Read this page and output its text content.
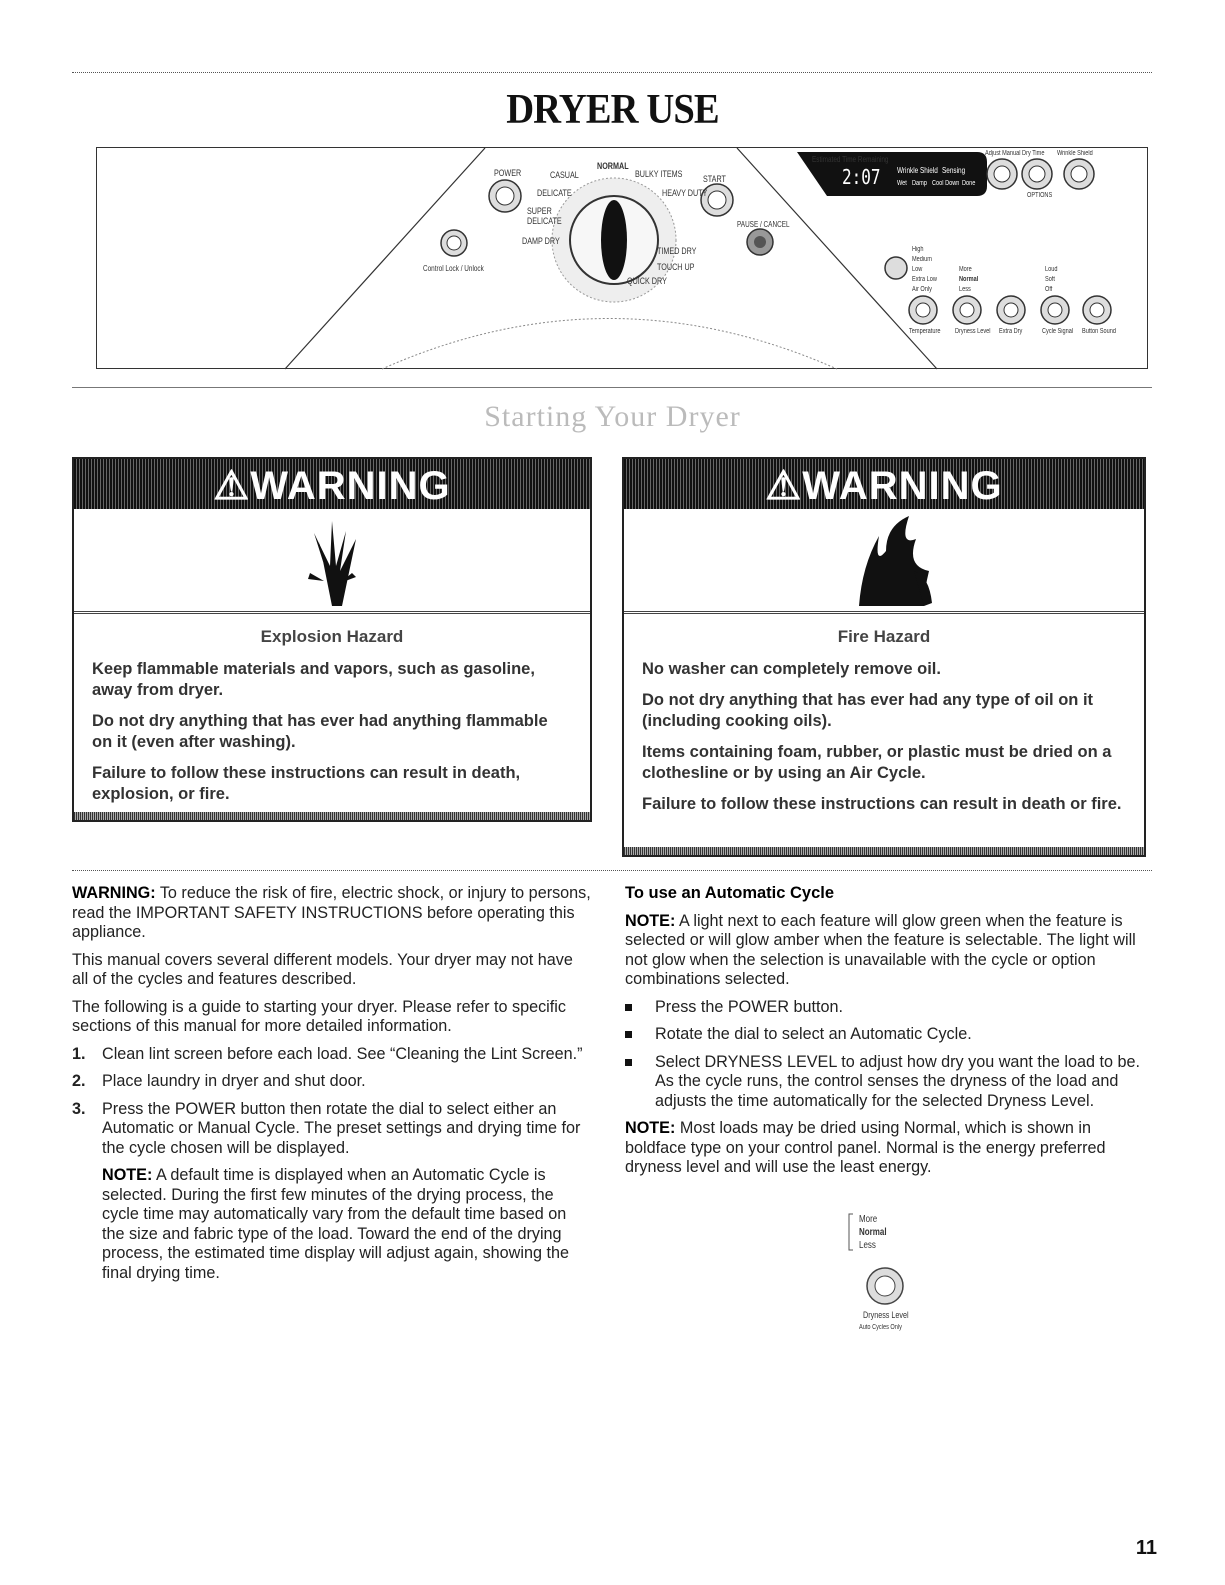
DRYER USE
POWER	CASUAL
NORMAL
BULKY ITEMS
DELICATE	HEAVY DUTY
SUPER DELICATE
DAMP DRY
TIMED DRY
TOUCH UP
QUICK DRY
START
PAUSE / CANCEL
Control Lock / Unlock
Estimated Time Remaining
2:07 Wrinkle Shield Sensing
Wet Damp Cool Down Done
Adjust Manual Dry Time Wrinkle Shield
OPTIONS
High
Medium
Low
Extra Low
Air Only
More
Normal
Less
Loud
Soft
Off
Temperature Dryness Level Extra Dry	Cycle Signal Button Sound
Starting Your Dryer
⚠WARNING
Explosion Hazard

Keep flammable materials and vapors, such as gasoline, away from dryer.

Do not dry anything that has ever had anything flammable on it (even after washing).

Failure to follow these instructions can result in death, explosion, or fire.

⚠WARNING
Fire Hazard

No washer can completely remove oil.

Do not dry anything that has ever had any type of oil on it (including cooking oils).

Items containing foam, rubber, or plastic must be dried on a clothesline or by using an Air Cycle.

Failure to follow these instructions can result in death or fire.

WARNING: To reduce the risk of fire, electric shock, or injury to persons, read the IMPORTANT SAFETY INSTRUCTIONS before operating this appliance.

This manual covers several different models. Your dryer may not have all of the cycles and features described.

The following is a guide to starting your dryer. Please refer to specific sections of this manual for more detailed information.

1. Clean lint screen before each load. See “Cleaning the Lint Screen.”
2. Place laundry in dryer and shut door.
3. Press the POWER button then rotate the dial to select either an Automatic or Manual Cycle. The preset settings and drying time for the cycle chosen will be displayed.
NOTE: A default time is displayed when an Automatic Cycle is selected. During the first few minutes of the drying process, the cycle time may automatically vary from the default time based on the size and fabric type of the load. Toward the end of the drying process, the estimated time display will adjust again, showing the final drying time.
To use an Automatic Cycle

NOTE: A light next to each feature will glow green when the feature is selected or will glow amber when the feature is selectable. The light will not glow when the selection is unavailable with the cycle or option combinations selected.

Press the POWER button.
Rotate the dial to select an Automatic Cycle.
Select DRYNESS LEVEL to adjust how dry you want the load to be. As the cycle runs, the control senses the dryness of the load and adjusts the time automatically for the selected Dryness Level.

NOTE: Most loads may be dried using Normal, which is shown in boldface type on your control panel. Normal is the energy preferred dryness level and will use the least energy.

More
Normal
Less
Dryness Level
Auto Cycles Only
11
